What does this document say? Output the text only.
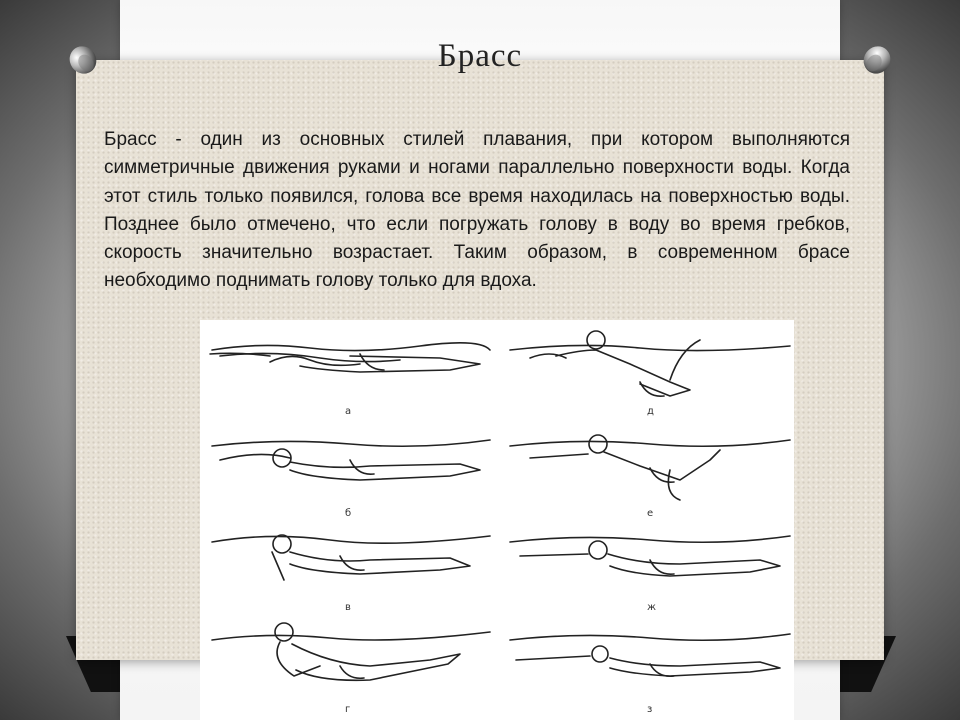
Брасс

Брасс - один из основных стилей плавания, при котором выполняются симметричные движения руками и ногами параллельно поверхности воды. Когда этот стиль только появился, голова все время находилась на поверхностью воды. Позднее было отмечено, что если погружать голову в воду во время гребков, скорость значительно возрастает. Таким образом, в современном брасе необходимо поднимать голову только для вдоха.

а
б
в
г
д
е
ж
з
